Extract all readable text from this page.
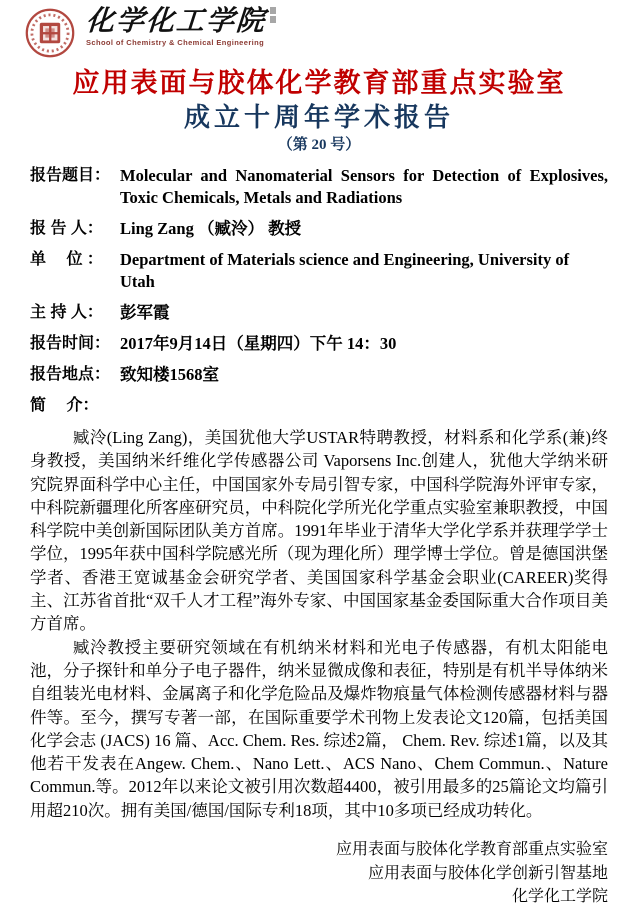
化学化工学院
School of Chemistry & Chemical Engineering
应用表面与胶体化学教育部重点实验室
成立十周年学术报告
（第 20 号）
报告题目： Molecular and Nanomaterial Sensors for Detection of Explosives, Toxic Chemicals, Metals and Radiations
报 告 人：	Ling Zang （臧泠） 教授
单　 位 ：	Department of Materials science and Engineering, University of Utah
主 持 人：	彭军霞
报告时间： 2017年9月14日（星期四）下午 14：30
报告地点： 致知楼1568室
简　 介：

臧泠(Ling Zang)，美国犹他大学USTAR特聘教授，材料系和化学系(兼)终身教授，美国纳米纤维化学传感器公司 Vaporsens Inc.创建人，犹他大学纳米研究院界面科学中心主任，中国国家外专局引智专家，中国科学院海外评审专家，中科院新疆理化所客座研究员，中科院化学所光化学重点实验室兼职教授，中国科学院中美创新国际团队美方首席。1991年毕业于清华大学化学系并获理学学士学位，1995年获中国科学院感光所（现为理化所）理学博士学位。曾是德国洪堡学者、香港王宽诚基金会研究学者、美国国家科学基金会职业(CAREER)奖得主、江苏省首批“双千人才工程”海外专家、中国国家基金委国际重大合作项目美方首席。

臧泠教授主要研究领域在有机纳米材料和光电子传感器，有机太阳能电池，分子探针和单分子电子器件，纳米显微成像和表征，特别是有机半导体纳米自组装光电材料、金属离子和化学危险品及爆炸物痕量气体检测传感器材料与器件等。至今，撰写专著一部，在国际重要学术刊物上发表论文120篇，包括美国化学会志 (JACS) 16 篇、Acc. Chem. Res. 综述2篇， Chem. Rev. 综述1篇，以及其他若干发表在Angew. Chem.、Nano Lett.、ACS Nano、Chem Commun.、Nature Commun.等。2012年以来论文被引用次数超4400，被引用最多的25篇论文均篇引用超210次。拥有美国/德国/国际专利18项，其中10多项已经成功转化。

应用表面与胶体化学教育部重点实验室
应用表面与胶体化学创新引智基地
化学化工学院
